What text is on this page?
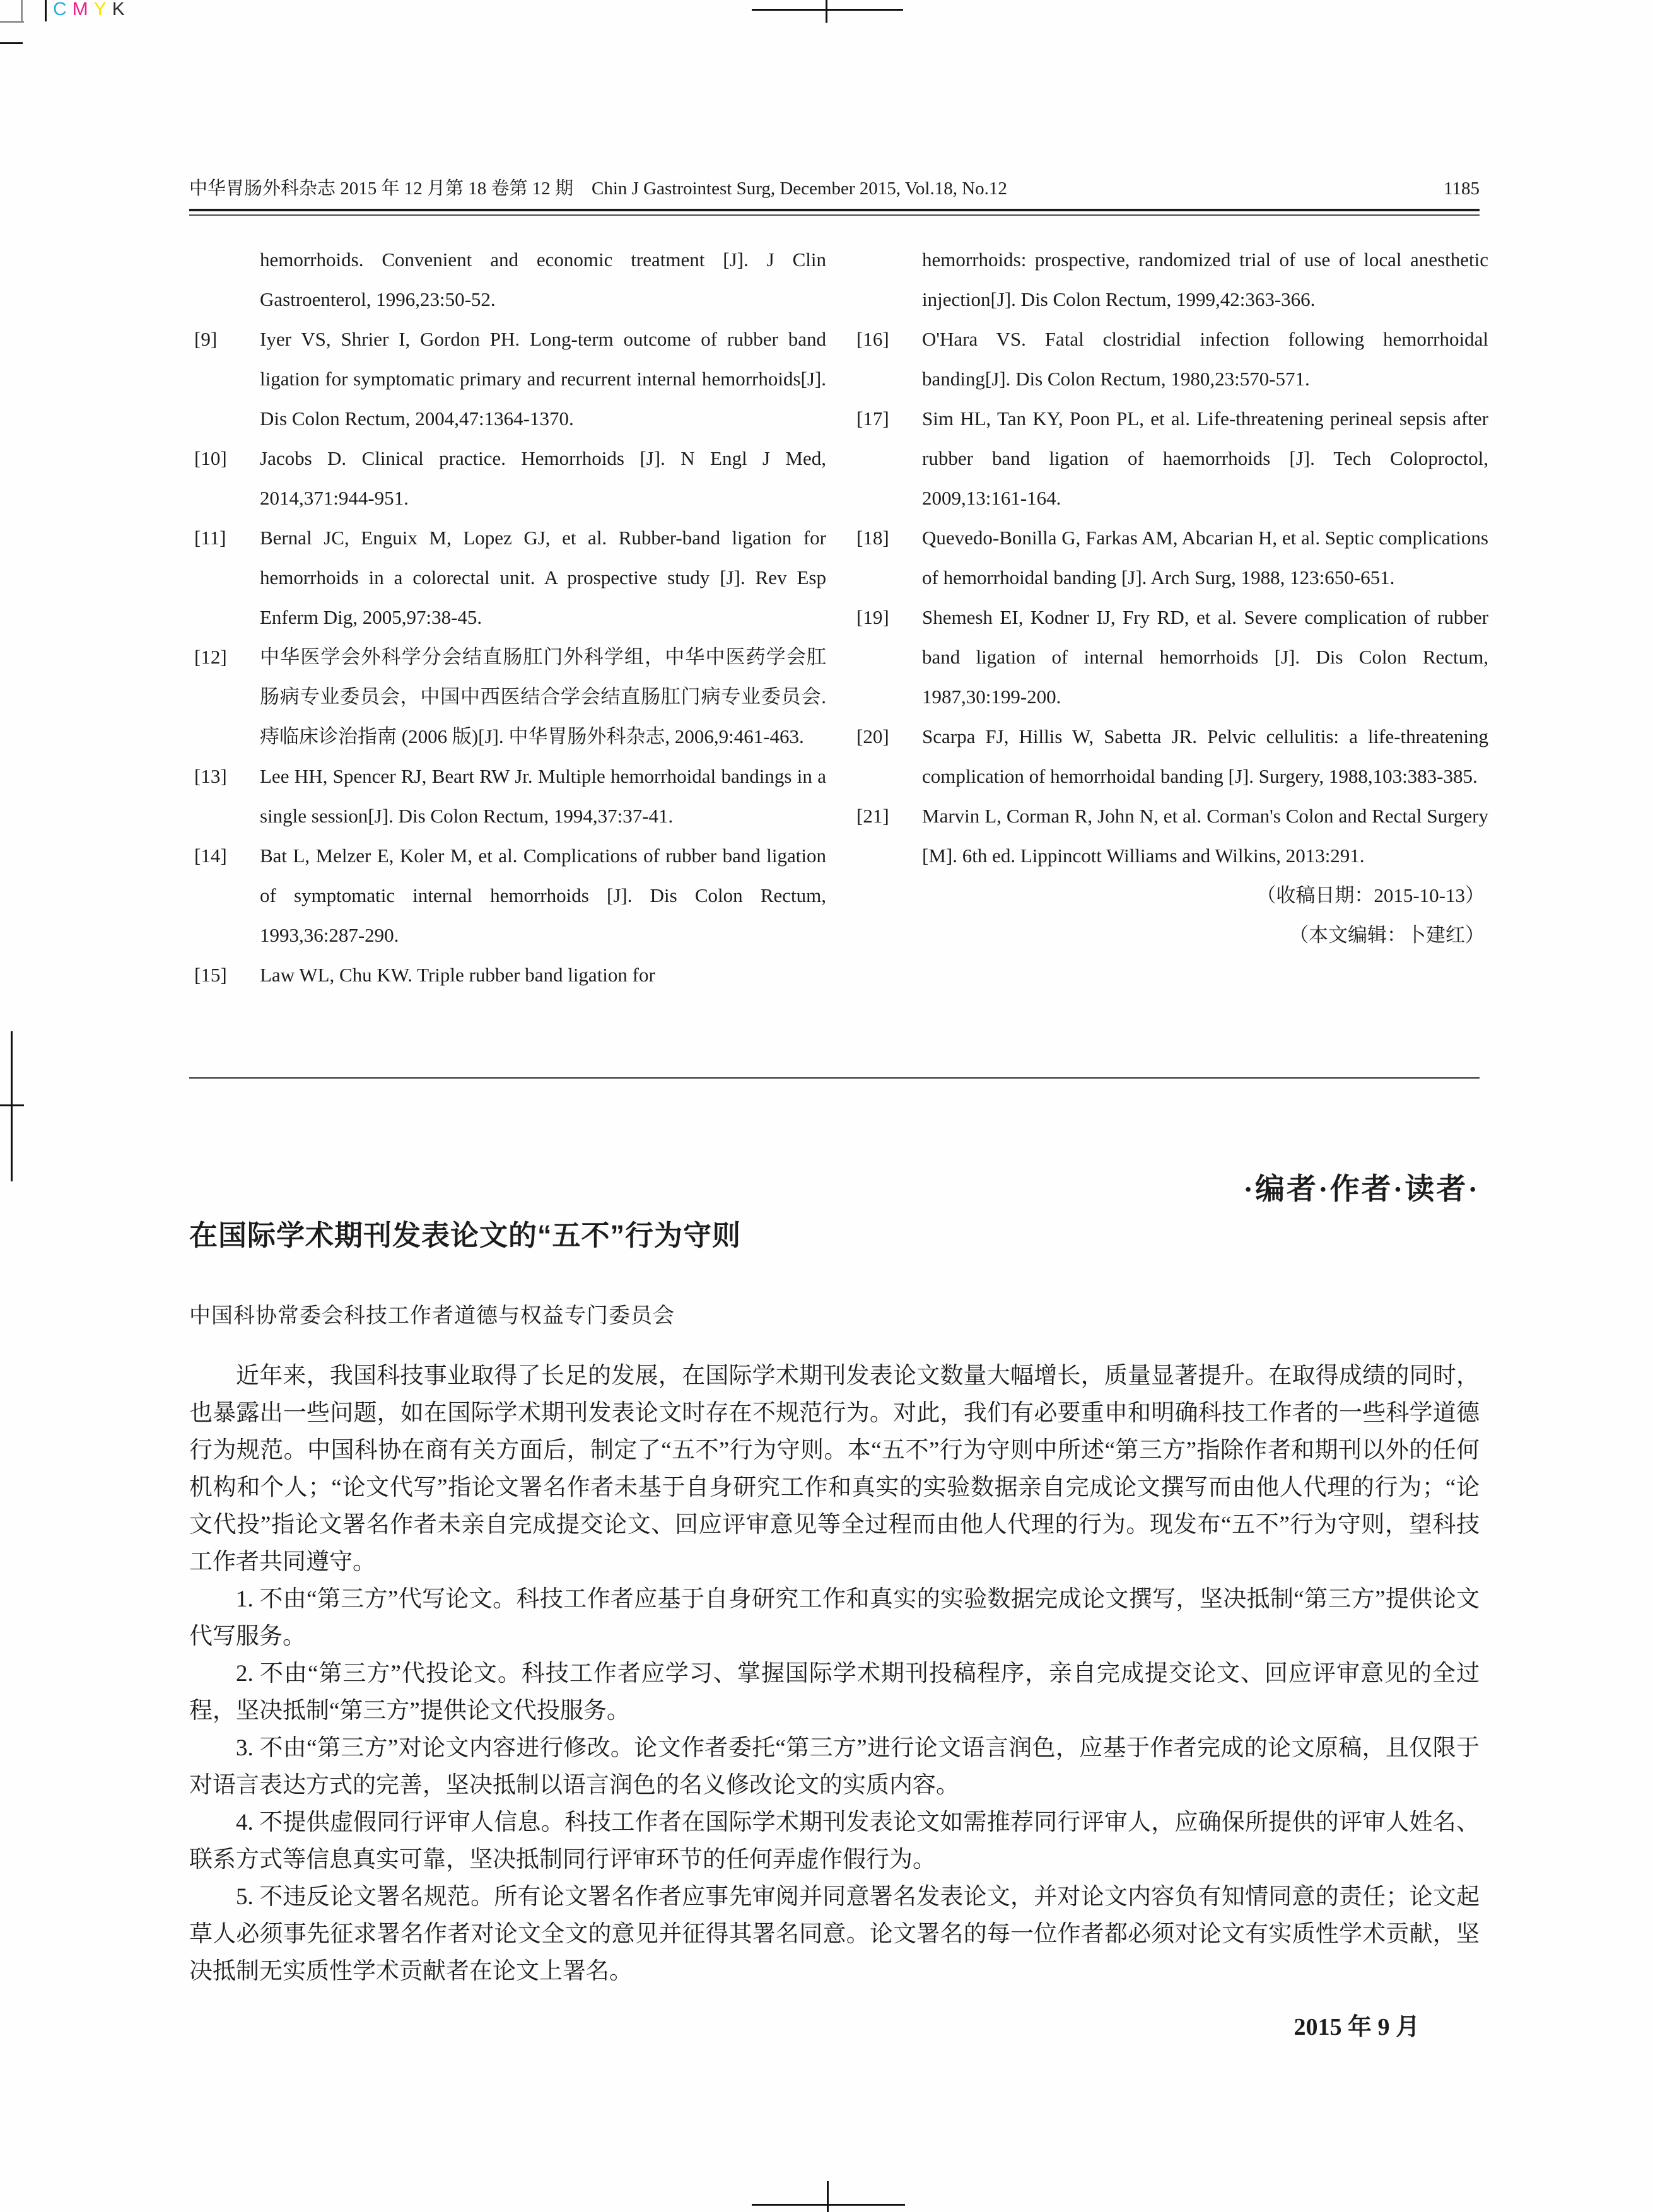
C M Y K
中华胃肠外科杂志 2015 年 12 月第 18 卷第 12 期　Chin J Gastrointest Surg, December 2015, Vol.18, No.12	1185
hemorrhoids. Convenient and economic treatment [J]. J Clin Gastroenterol, 1996,23:50-52.
[9] Iyer VS, Shrier I, Gordon PH. Long-term outcome of rubber band ligation for symptomatic primary and recurrent internal hemorrhoids[J]. Dis Colon Rectum, 2004,47:1364-1370.
[10] Jacobs D. Clinical practice. Hemorrhoids [J]. N Engl J Med, 2014,371:944-951.
[11] Bernal JC, Enguix M, Lopez GJ, et al. Rubber-band ligation for hemorrhoids in a colorectal unit. A prospective study [J]. Rev Esp Enferm Dig, 2005,97:38-45.
[12] 中华医学会外科学分会结直肠肛门外科学组，中华中医药学会肛肠病专业委员会，中国中西医结合学会结直肠肛门病专业委员会. 痔临床诊治指南 (2006 版)[J]. 中华胃肠外科杂志, 2006,9:461-463.
[13] Lee HH, Spencer RJ, Beart RW Jr. Multiple hemorrhoidal bandings in a single session[J]. Dis Colon Rectum, 1994,37:37-41.
[14] Bat L, Melzer E, Koler M, et al. Complications of rubber band ligation of symptomatic internal hemorrhoids [J]. Dis Colon Rectum, 1993,36:287-290.
[15] Law WL, Chu KW. Triple rubber band ligation for
hemorrhoids: prospective, randomized trial of use of local anesthetic injection[J]. Dis Colon Rectum, 1999,42:363-366.
[16] O'Hara VS. Fatal clostridial infection following hemorrhoidal banding[J]. Dis Colon Rectum, 1980,23:570-571.
[17] Sim HL, Tan KY, Poon PL, et al. Life-threatening perineal sepsis after rubber band ligation of haemorrhoids [J]. Tech Coloproctol, 2009,13:161-164.
[18] Quevedo-Bonilla G, Farkas AM, Abcarian H, et al. Septic complications of hemorrhoidal banding [J]. Arch Surg, 1988, 123:650-651.
[19] Shemesh EI, Kodner IJ, Fry RD, et al. Severe complication of rubber band ligation of internal hemorrhoids [J]. Dis Colon Rectum, 1987,30:199-200.
[20] Scarpa FJ, Hillis W, Sabetta JR. Pelvic cellulitis: a life-threatening complication of hemorrhoidal banding [J]. Surgery, 1988,103:383-385.
[21] Marvin L, Corman R, John N, et al. Corman's Colon and Rectal Surgery [M]. 6th ed. Lippincott Williams and Wilkins, 2013:291.
（收稿日期：2015-10-13）
（本文编辑：卜建红）
·编者·作者·读者·
在国际学术期刊发表论文的“五不”行为守则
中国科协常委会科技工作者道德与权益专门委员会

近年来，我国科技事业取得了长足的发展，在国际学术期刊发表论文数量大幅增长，质量显著提升。在取得成绩的同时，也暴露出一些问题，如在国际学术期刊发表论文时存在不规范行为。对此，我们有必要重申和明确科技工作者的一些科学道德行为规范。中国科协在商有关方面后，制定了“五不”行为守则。本“五不”行为守则中所述“第三方”指除作者和期刊以外的任何机构和个人；“论文代写”指论文署名作者未基于自身研究工作和真实的实验数据亲自完成论文撰写而由他人代理的行为；“论文代投”指论文署名作者未亲自完成提交论文、回应评审意见等全过程而由他人代理的行为。现发布“五不”行为守则，望科技工作者共同遵守。

1. 不由“第三方”代写论文。科技工作者应基于自身研究工作和真实的实验数据完成论文撰写，坚决抵制“第三方”提供论文代写服务。

2. 不由“第三方”代投论文。科技工作者应学习、掌握国际学术期刊投稿程序，亲自完成提交论文、回应评审意见的全过程，坚决抵制“第三方”提供论文代投服务。

3. 不由“第三方”对论文内容进行修改。论文作者委托“第三方”进行论文语言润色，应基于作者完成的论文原稿，且仅限于对语言表达方式的完善，坚决抵制以语言润色的名义修改论文的实质内容。

4. 不提供虚假同行评审人信息。科技工作者在国际学术期刊发表论文如需推荐同行评审人，应确保所提供的评审人姓名、联系方式等信息真实可靠，坚决抵制同行评审环节的任何弄虚作假行为。

5. 不违反论文署名规范。所有论文署名作者应事先审阅并同意署名发表论文，并对论文内容负有知情同意的责任；论文起草人必须事先征求署名作者对论文全文的意见并征得其署名同意。论文署名的每一位作者都必须对论文有实质性学术贡献，坚决抵制无实质性学术贡献者在论文上署名。

2015 年 9 月
